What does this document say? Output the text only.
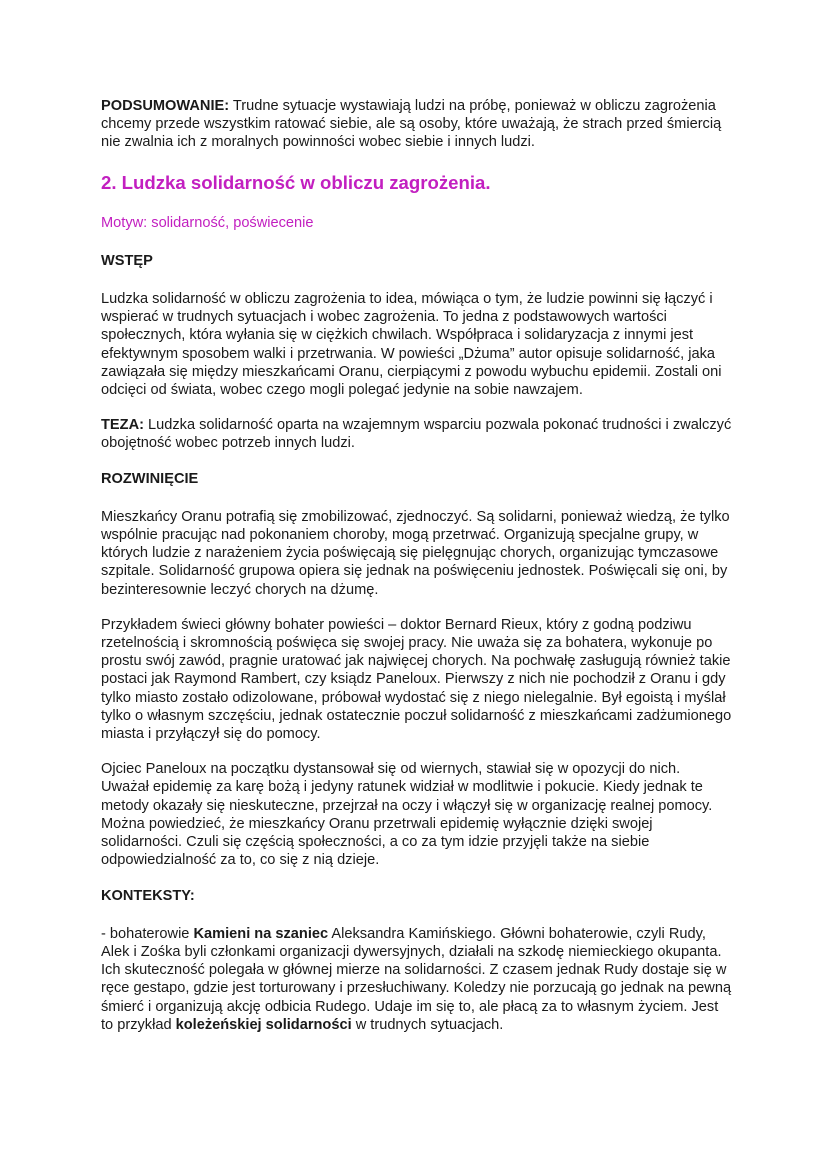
PODSUMOWANIE: Trudne sytuacje wystawiają ludzi na próbę, ponieważ w obliczu zagrożenia chcemy przede wszystkim ratować siebie, ale są osoby, które uważają, że strach przed śmiercią nie zwalnia ich z moralnych powinności wobec siebie i innych ludzi.

2. Ludzka solidarność w obliczu zagrożenia.

Motyw: solidarność, poświecenie

WSTĘP

Ludzka solidarność w obliczu zagrożenia to idea, mówiąca o tym, że ludzie powinni się łączyć i wspierać w trudnych sytuacjach i wobec zagrożenia. To jedna z podstawowych wartości społecznych, która wyłania się w ciężkich chwilach. Współpraca i solidaryzacja z innymi jest efektywnym sposobem walki i przetrwania. W powieści „Dżuma” autor opisuje solidarność, jaka zawiązała się między mieszkańcami Oranu, cierpiącymi z powodu wybuchu epidemii. Zostali oni odcięci od świata, wobec czego mogli polegać jedynie na sobie nawzajem.

TEZA: Ludzka solidarność oparta na wzajemnym wsparciu pozwala pokonać trudności i zwalczyć obojętność wobec potrzeb innych ludzi.

ROZWINIĘCIE

Mieszkańcy Oranu potrafią się zmobilizować, zjednoczyć. Są solidarni, ponieważ wiedzą, że tylko wspólnie pracując nad pokonaniem choroby, mogą przetrwać. Organizują specjalne grupy, w których ludzie z narażeniem życia poświęcają się pielęgnując chorych, organizując tymczasowe szpitale. Solidarność grupowa opiera się jednak na poświęceniu jednostek. Poświęcali się oni, by bezinteresownie leczyć chorych na dżumę.

Przykładem świeci główny bohater powieści – doktor Bernard Rieux, który z godną podziwu rzetelnością i skromnością poświęca się swojej pracy. Nie uważa się za bohatera, wykonuje po prostu swój zawód, pragnie uratować jak najwięcej chorych. Na pochwałę zasługują również takie postaci jak Raymond Rambert, czy ksiądz Paneloux. Pierwszy z nich nie pochodził z Oranu i gdy tylko miasto zostało odizolowane, próbował wydostać się z niego nielegalnie. Był egoistą i myślał tylko o własnym szczęściu, jednak ostatecznie poczuł solidarność z mieszkańcami zadżumionego miasta i przyłączył się do pomocy.

Ojciec Paneloux na początku dystansował się od wiernych, stawiał się w opozycji do nich. Uważał epidemię za karę bożą i jedyny ratunek widział w modlitwie i pokucie. Kiedy jednak te metody okazały się nieskuteczne, przejrzał na oczy i włączył się w organizację realnej pomocy. Można powiedzieć, że mieszkańcy Oranu przetrwali epidemię wyłącznie dzięki swojej solidarności. Czuli się częścią społeczności, a co za tym idzie przyjęli także na siebie odpowiedzialność za to, co się z nią dzieje.

KONTEKSTY:

- bohaterowie Kamieni na szaniec Aleksandra Kamińskiego. Główni bohaterowie, czyli Rudy, Alek i Zośka byli członkami organizacji dywersyjnych, działali na szkodę niemieckiego okupanta. Ich skuteczność polegała w głównej mierze na solidarności. Z czasem jednak Rudy dostaje się w ręce gestapo, gdzie jest torturowany i przesłuchiwany. Koledzy nie porzucają go jednak na pewną śmierć i organizują akcję odbicia Rudego. Udaje im się to, ale płacą za to własnym życiem. Jest to przykład koleżeńskiej solidarności w trudnych sytuacjach.
